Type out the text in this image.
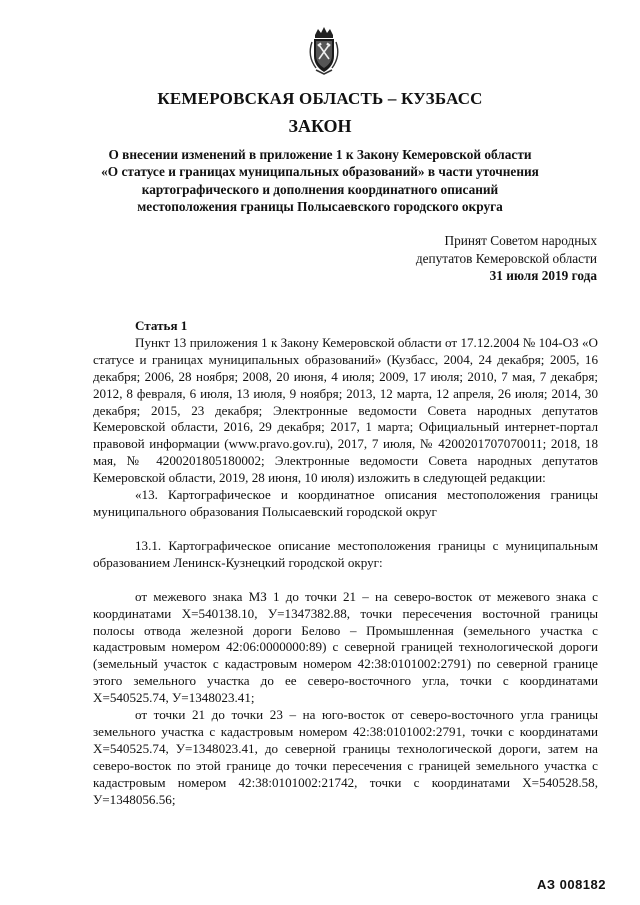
КЕМЕРОВСКАЯ ОБЛАСТЬ – КУЗБАСС
ЗАКОН
О внесении изменений в приложение 1 к Закону Кемеровской области
«О статусе и границах муниципальных образований» в части уточнения
картографического и дополнения координатного описаний
местоположения границы Полысаевского городского округа
Принят Советом народных
депутатов Кемеровской области
31 июля 2019 года

Статья 1

Пункт 13 приложения 1 к Закону Кемеровской области от 17.12.2004 № 104-ОЗ «О статусе и границах муниципальных образований» (Кузбасс, 2004, 24 декабря; 2005, 16 декабря; 2006, 28 ноября; 2008, 20 июня, 4 июля; 2009, 17 июля; 2010, 7 мая, 7 декабря; 2012, 8 февраля, 6 июля, 13 июля, 9 ноября; 2013, 12 марта, 12 апреля, 26 июля; 2014, 30 декабря; 2015, 23 декабря; Электронные ведомости Совета народных депутатов Кемеровской области, 2016, 29 декабря; 2017, 1 марта; Официальный интернет-портал правовой информации (www.pravo.gov.ru), 2017, 7 июля, № 4200201707070011; 2018, 18 мая, № 4200201805180002; Электронные ведомости Совета народных депутатов Кемеровской области, 2019, 28 июня, 10 июля) изложить в следующей редакции:

«13. Картографическое и координатное описания местоположения границы муниципального образования Полысаевский городской округ

13.1. Картографическое описание местоположения границы с муниципальным образованием Ленинск-Кузнецкий городской округ:

от межевого знака МЗ 1 до точки 21 – на северо-восток от межевого знака с координатами Х=540138.10, У=1347382.88, точки пересечения восточной границы полосы отвода железной дороги Белово – Промышленная (земельного участка с кадастровым номером 42:06:0000000:89) с северной границей технологической дороги (земельный участок с кадастровым номером 42:38:0101002:2791) по северной границе этого земельного участка до ее северо-восточного угла, точки с координатами Х=540525.74, У=1348023.41;

от точки 21 до точки 23 – на юго-восток от северо-восточного угла границы земельного участка с кадастровым номером 42:38:0101002:2791, точки с координатами Х=540525.74, У=1348023.41, до северной границы технологической дороги, затем на северо-восток по этой границе до точки пересечения с границей земельного участка с кадастровым номером 42:38:0101002:21742, точки с координатами Х=540528.58, У=1348056.56;

АЗ 008182
